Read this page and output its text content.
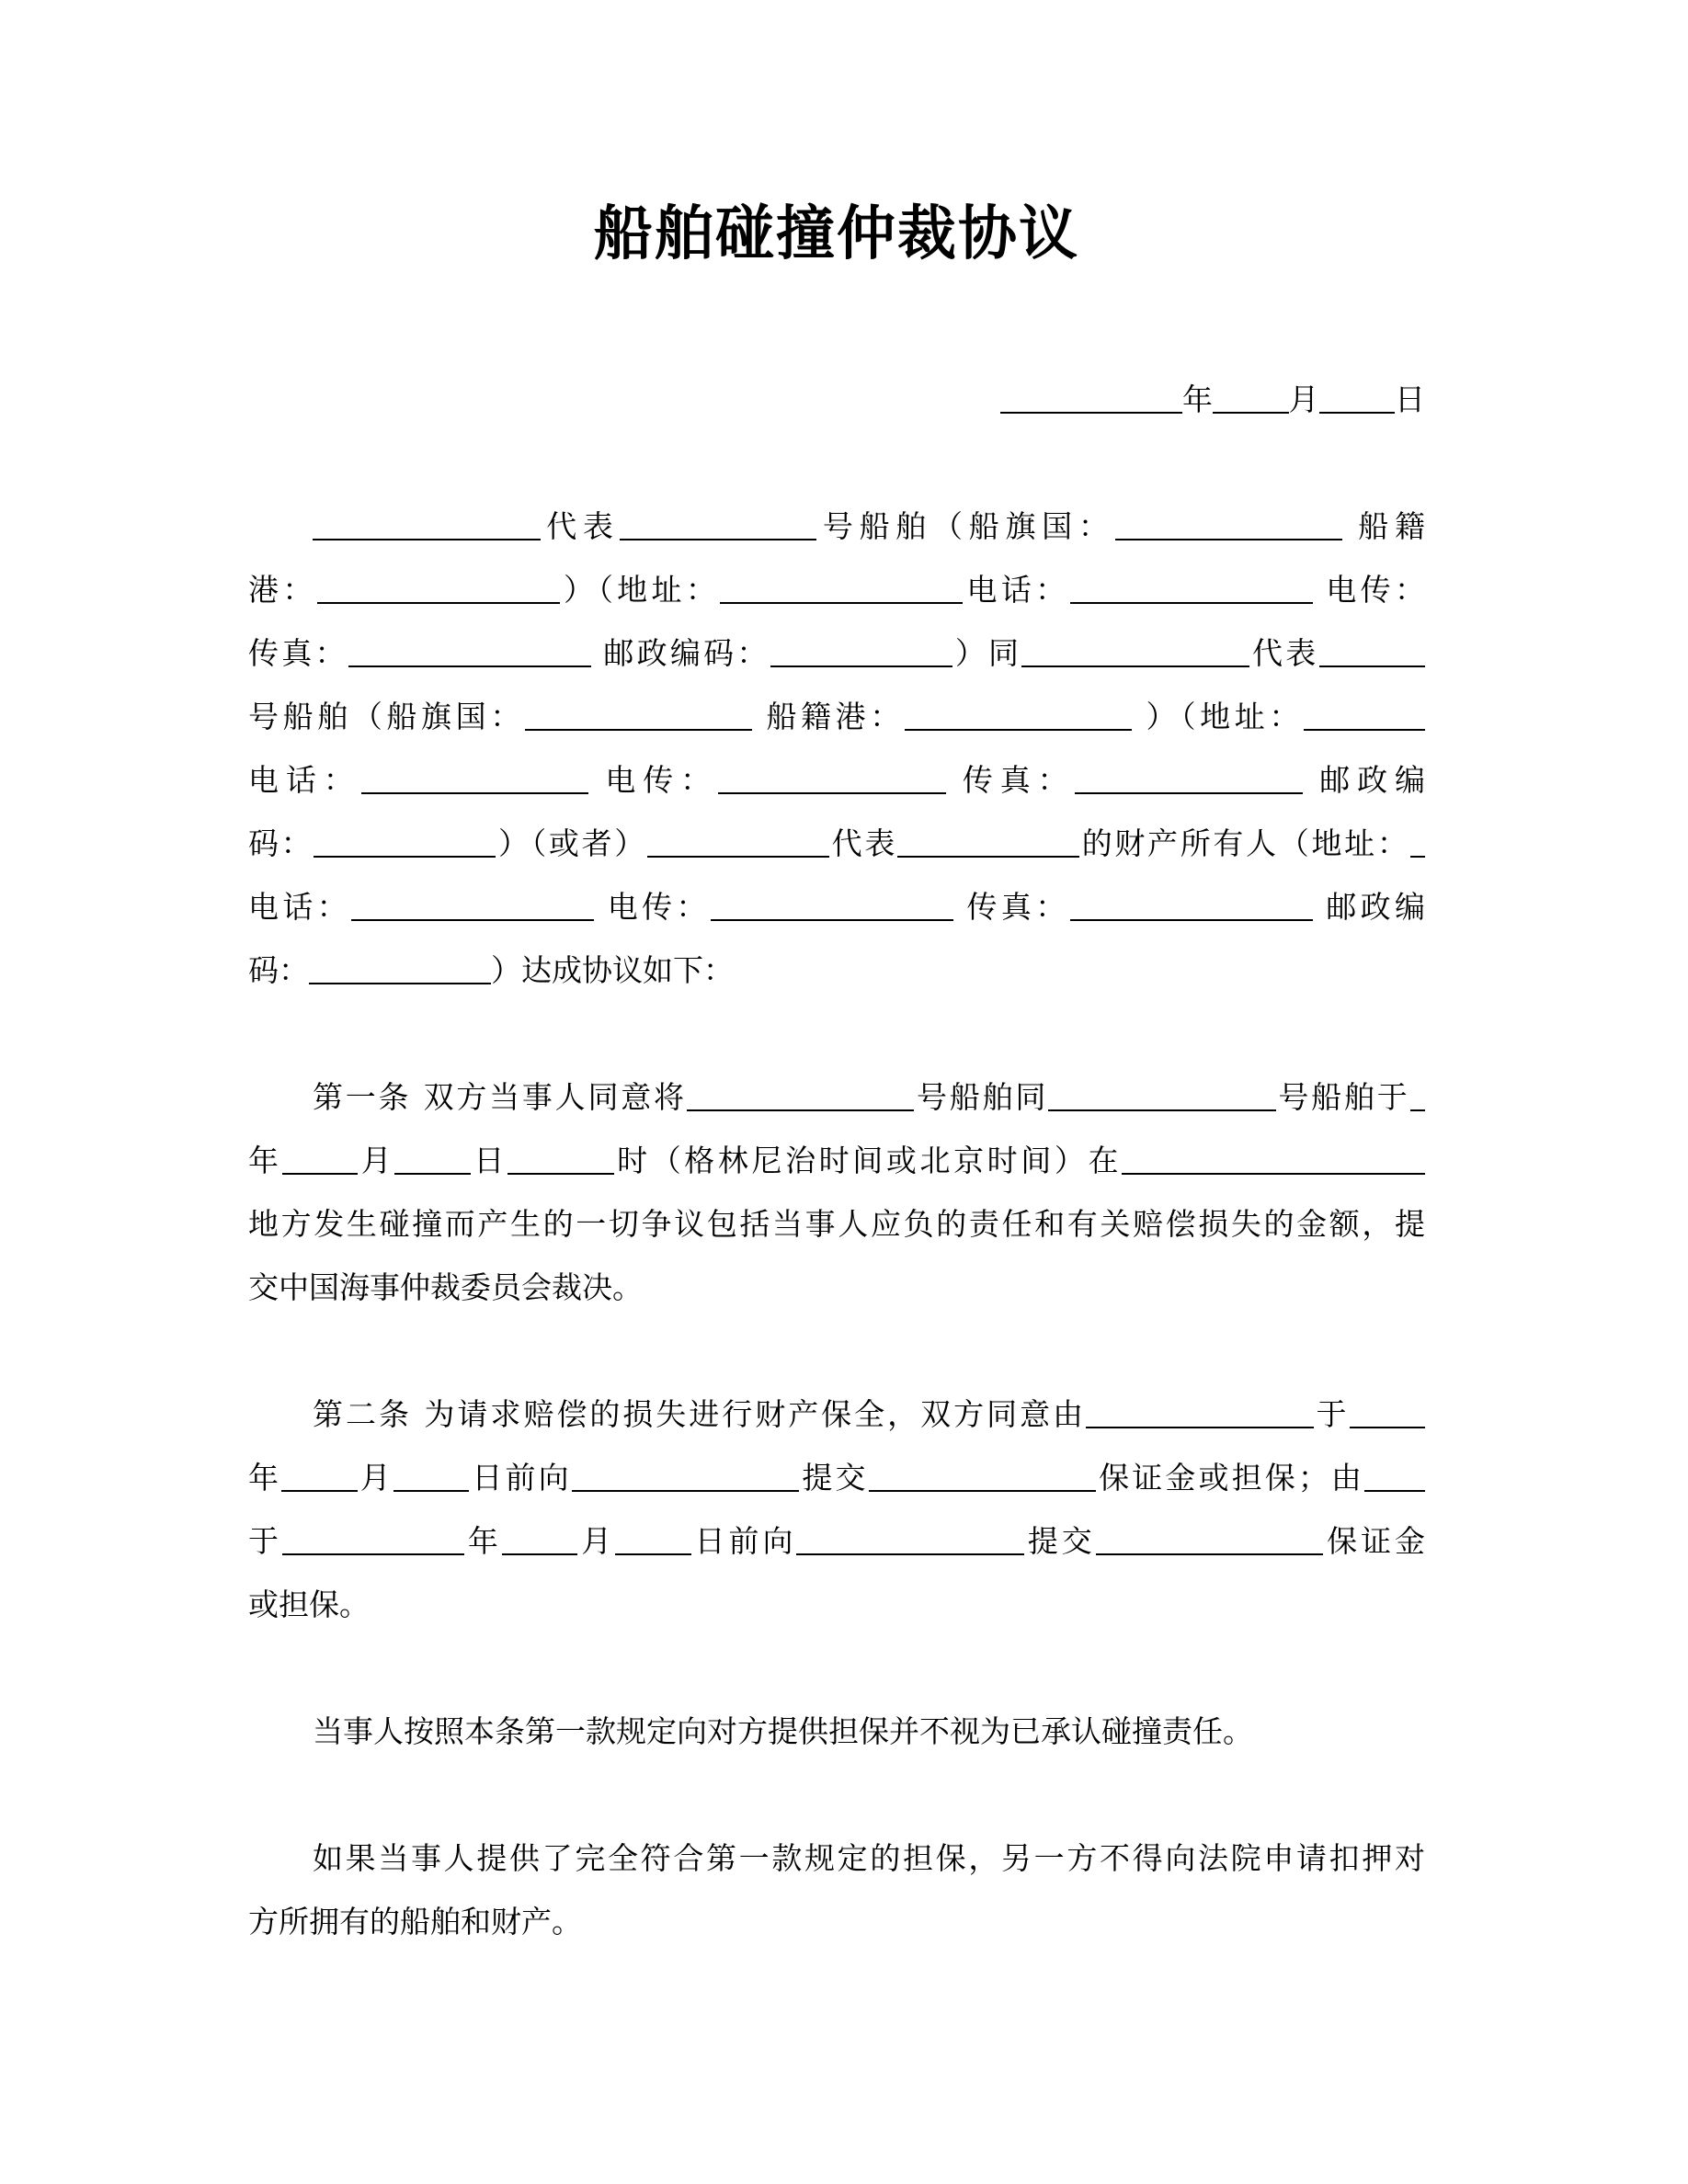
船舶碰撞仲裁协议
年	月	日
代表	号船舶（船旗国：	船籍
港：	）（地址：	电话：	电传：
传真：	邮政编码：	）同	代表
号船舶（船旗国：	船籍港：	）（地址：
电话：	电传：	传真：	邮政编
码：	）（或者）	代表	的财产所有人（地址：
电话：	电传：	传真：	邮政编
码：	）达成协议如下：
第一条 双方当事人同意将	号船舶同	号船舶于
年	月	日	时（格林尼治时间或北京时间）在
地方发生碰撞而产生的一切争议包括当事人应负的责任和有关赔偿损失的金额，提
交中国海事仲裁委员会裁决。
第二条 为请求赔偿的损失进行财产保全，双方同意由	于
年	月	日前向	提交	保证金或担保；由
于	年	月	日前向	提交	保证金
或担保。
当事人按照本条第一款规定向对方提供担保并不视为已承认碰撞责任。
如果当事人提供了完全符合第一款规定的担保，另一方不得向法院申请扣押对
方所拥有的船舶和财产。
